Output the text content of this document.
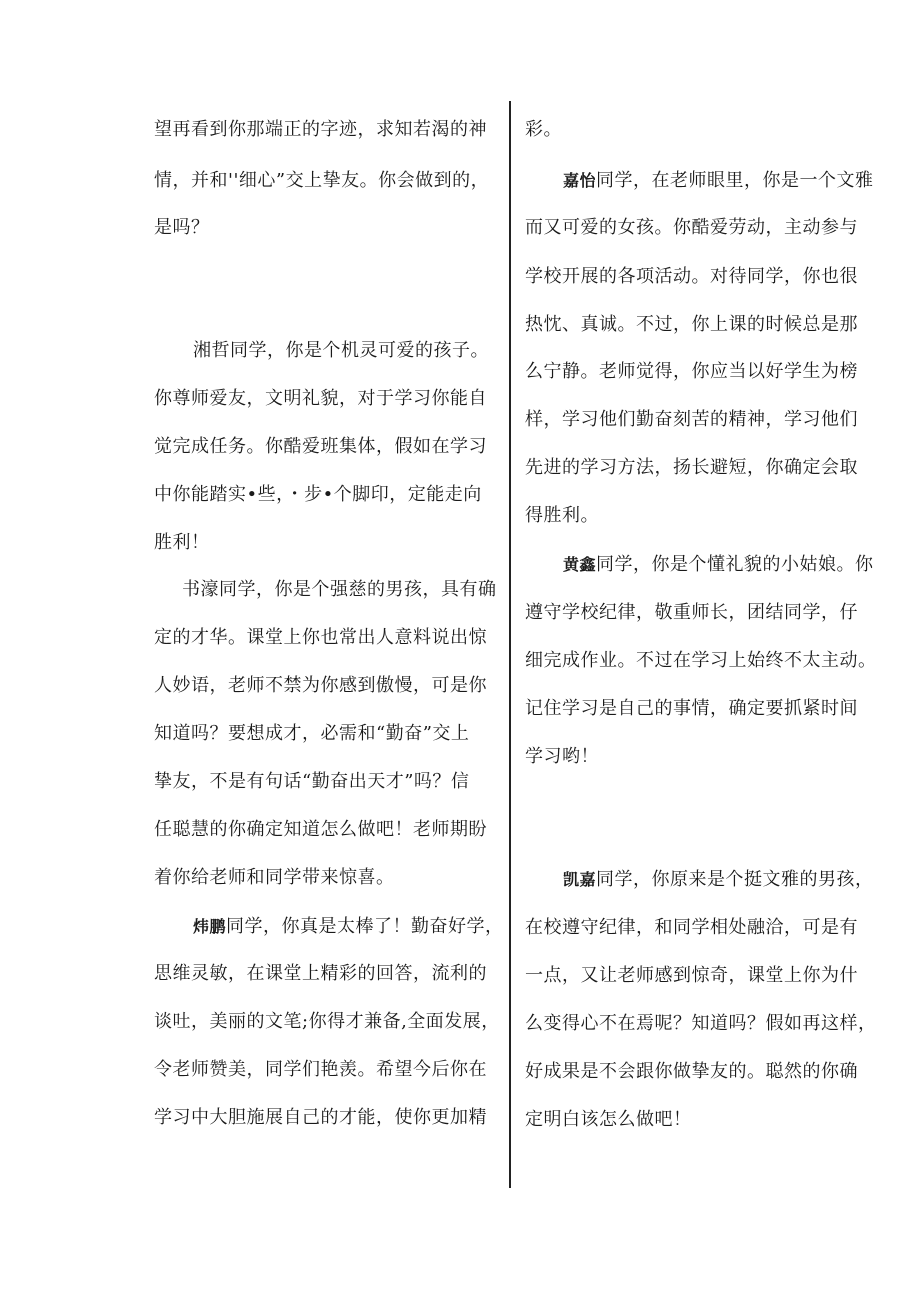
望再看到你那端正的字迹，求知若渴的神
情，并和''细心”交上挚友。你会做到的，
是吗？
湘哲同学，你是个机灵可爱的孩子。
你尊师爱友，文明礼貌，对于学习你能自
觉完成任务。你酷爱班集体，假如在学习
中你能踏实•些，・步•个脚印，定能走向
胜利！
书濠同学，你是个强慈的男孩，具有确
定的才华。课堂上你也常出人意料说出惊
人妙语，老师不禁为你感到傲慢，可是你
知道吗？要想成才，必需和“勤奋”交上
挚友，不是有句话“勤奋出天才”吗？信
任聪慧的你确定知道怎么做吧！老师期盼
着你给老师和同学带来惊喜。
炜鹏同学，你真是太棒了！勤奋好学，
思维灵敏，在课堂上精彩的回答，流利的
谈吐，美丽的文笔;你得才兼备,全面发展，
令老师赞美，同学们艳羡。希望今后你在
学习中大胆施展自己的才能，使你更加精
彩。
嘉怡同学，在老师眼里，你是一个文雅
而又可爱的女孩。你酷爱劳动，主动参与
学校开展的各项活动。对待同学，你也很
热忱、真诚。不过，你上课的时候总是那
么宁静。老师觉得，你应当以好学生为榜
样，学习他们勤奋刻苦的精神，学习他们
先进的学习方法，扬长避短，你确定会取
得胜利。
黄鑫同学，你是个懂礼貌的小姑娘。你
遵守学校纪律，敬重师长，团结同学，仔
细完成作业。不过在学习上始终不太主动。
记住学习是自己的事情，确定要抓紧时间
学习哟！
凯嘉同学，你原来是个挺文雅的男孩，
在校遵守纪律，和同学相处融洽，可是有
一点，又让老师感到惊奇，课堂上你为什
么变得心不在焉呢？知道吗？假如再这样，
好成果是不会跟你做挚友的。聪然的你确
定明白该怎么做吧！
